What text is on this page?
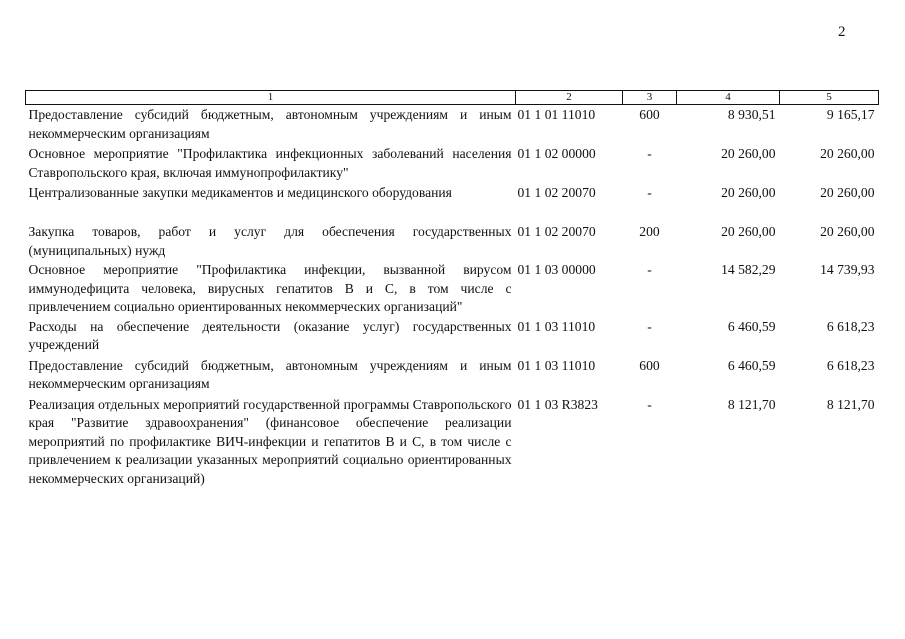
2
1	2	3	4	5
Предоставление субсидий бюджетным, автономным учреждениям и иным некоммерческим организациям	01 1 01 11010	600	8 930,51	9 165,17
Основное мероприятие "Профилактика инфекционных заболеваний населения Ставропольского края, включая иммунопрофилактику"	01 1 02 00000	-	20 260,00	20 260,00
Централизованные закупки медикаментов и медицинского оборудования	01 1 02 20070	-	20 260,00	20 260,00
Закупка товаров, работ и услуг для обеспечения государственных (муниципальных) нужд	01 1 02 20070	200	20 260,00	20 260,00
Основное мероприятие "Профилактика инфекции, вызванной вирусом иммунодефицита человека, вирусных гепатитов В и С, в том числе с привлечением социально ориентированных некоммерческих организаций"	01 1 03 00000	-	14 582,29	14 739,93
Расходы на обеспечение деятельности (оказание услуг) государственных учреждений	01 1 03 11010	-	6 460,59	6 618,23
Предоставление субсидий бюджетным, автономным учреждениям и иным некоммерческим организациям	01 1 03 11010	600	6 460,59	6 618,23
Реализация отдельных мероприятий государственной программы Ставропольского края "Развитие здравоохранения" (финансовое обеспечение реализации мероприятий по профилактике ВИЧ-инфекции и гепатитов В и С, в том числе с привлечением к реализации указанных мероприятий социально ориентированных некоммерческих организаций)	01 1 03 R3823	-	8 121,70	8 121,70
